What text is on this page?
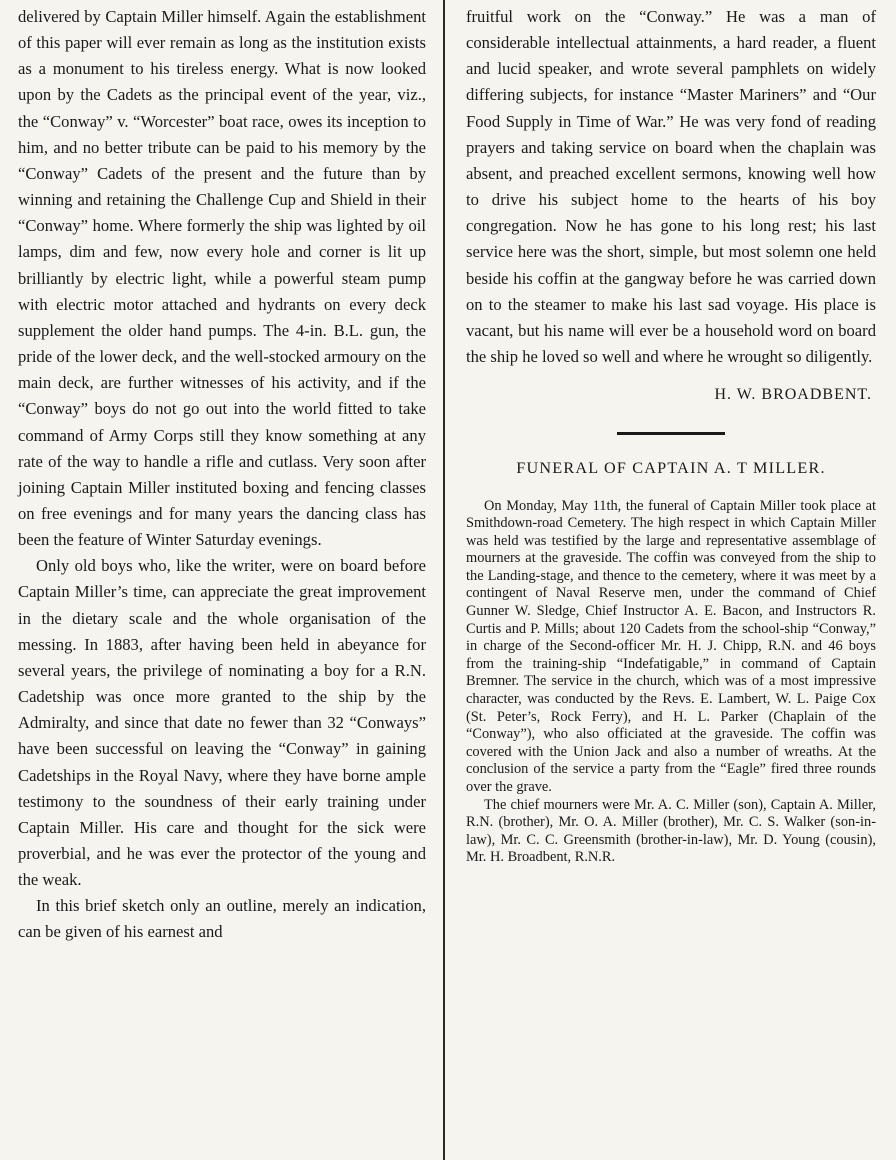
delivered by Captain Miller himself. Again the establishment of this paper will ever remain as long as the institution exists as a monument to his tireless energy. What is now looked upon by the Cadets as the principal event of the year, viz., the “Conway” v. “Worcester” boat race, owes its inception to him, and no better tribute can be paid to his memory by the “Conway” Cadets of the present and the future than by winning and retaining the Challenge Cup and Shield in their “Conway” home. Where formerly the ship was lighted by oil lamps, dim and few, now every hole and corner is lit up brilliantly by electric light, while a powerful steam pump with electric motor attached and hydrants on every deck supplement the older hand pumps. The 4-in. B.L. gun, the pride of the lower deck, and the well-stocked armoury on the main deck, are further witnesses of his activity, and if the “Conway” boys do not go out into the world fitted to take command of Army Corps still they know something at any rate of the way to handle a rifle and cutlass. Very soon after joining Captain Miller instituted boxing and fencing classes on free evenings and for many years the dancing class has been the feature of Winter Saturday evenings.

Only old boys who, like the writer, were on board before Captain Miller’s time, can appreciate the great improvement in the dietary scale and the whole organisation of the messing. In 1883, after having been held in abeyance for several years, the privilege of nominating a boy for a R.N. Cadetship was once more granted to the ship by the Admiralty, and since that date no fewer than 32 “Conways” have been successful on leaving the “Conway” in gaining Cadetships in the Royal Navy, where they have borne ample testimony to the soundness of their early training under Captain Miller. His care and thought for the sick were proverbial, and he was ever the protector of the young and the weak.

In this brief sketch only an outline, merely an indication, can be given of his earnest and

fruitful work on the “Conway.” He was a man of considerable intellectual attainments, a hard reader, a fluent and lucid speaker, and wrote several pamphlets on widely differing subjects, for instance “Master Mariners” and “Our Food Supply in Time of War.” He was very fond of reading prayers and taking service on board when the chaplain was absent, and preached excellent sermons, knowing well how to drive his subject home to the hearts of his boy congregation. Now he has gone to his long rest; his last service here was the short, simple, but most solemn one held beside his coffin at the gangway before he was carried down on to the steamer to make his last sad voyage. His place is vacant, but his name will ever be a household word on board the ship he loved so well and where he wrought so diligently.

H. W. BROADBENT.

FUNERAL OF CAPTAIN A. T MILLER.

On Monday, May 11th, the funeral of Captain Miller took place at Smithdown-road Cemetery. The high respect in which Captain Miller was held was testified by the large and representative assemblage of mourners at the graveside. The coffin was conveyed from the ship to the Landing-stage, and thence to the cemetery, where it was meet by a contingent of Naval Reserve men, under the command of Chief Gunner W. Sledge, Chief Instructor A. E. Bacon, and Instructors R. Curtis and P. Mills; about 120 Cadets from the school-ship “Conway,” in charge of the Second-officer Mr. H. J. Chipp, R.N. and 46 boys from the training-ship “Indefatigable,” in command of Captain Bremner. The service in the church, which was of a most impressive character, was conducted by the Revs. E. Lambert, W. L. Paige Cox (St. Peter’s, Rock Ferry), and H. L. Parker (Chaplain of the “Conway”), who also officiated at the graveside. The coffin was covered with the Union Jack and also a number of wreaths. At the conclusion of the service a party from the “Eagle” fired three rounds over the grave.

The chief mourners were Mr. A. C. Miller (son), Captain A. Miller, R.N. (brother), Mr. O. A. Miller (brother), Mr. C. S. Walker (son-in-law), Mr. C. C. Greensmith (brother-in-law), Mr. D. Young (cousin), Mr. H. Broadbent, R.N.R.
